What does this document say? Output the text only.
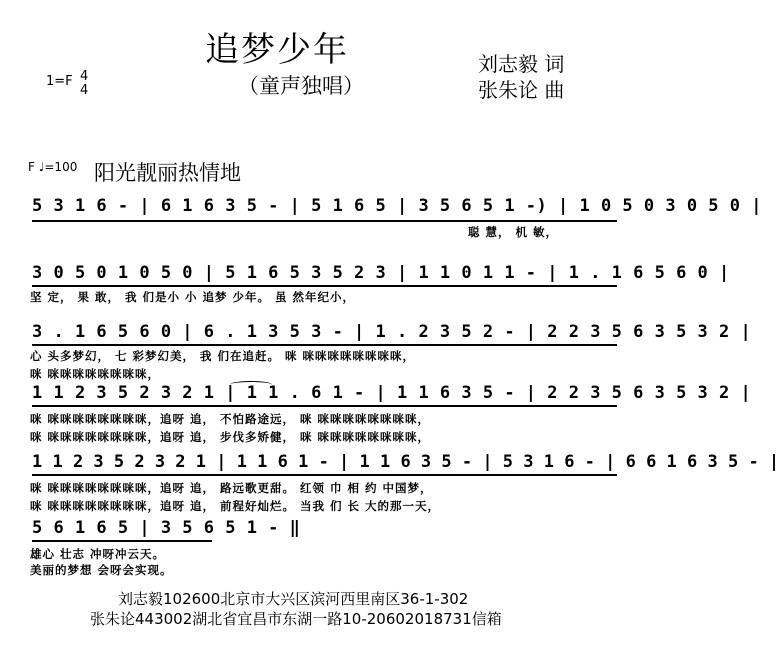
追梦少年
（童声独唱）
刘志毅 词
张朱论 曲
1=F 4
4
F ♩=100 阳光靓丽热情地
5 3 1 6 - | 6 1 6 3 5 - | 5 1 6 5 | 3 5 6 5 1 -) | 1 0 5 0 3 0 5 0 |
聪 慧， 机 敏，
3 0 5 0 1 0 5 0 | 5 1 6 5 3 5 2 3 | 1 1 0 1 1 - | 1 . 1 6 5 6 0 |
坚 定， 果 敢， 我 们是小 小 追梦 少年。 虽 然年纪小，
3 . 1 6 5 6 0 | 6 . 1 3 5 3 - | 1 . 2 3 5 2 - | 2 2 3 5 6 3 5 3 2 |
心 头多梦幻， 七 彩梦幻美， 我 们在追赶。 咪 咪咪咪咪咪咪咪咪，
咪 咪咪咪咪咪咪咪咪，
1 1 2 3 5 2 3 2 1 | 1 1 . 6 1 - | 1 1 6 3 5 - | 2 2 3 5 6 3 5 3 2 |
咪 咪咪咪咪咪咪咪咪，追呀 追， 不怕路途远， 咪 咪咪咪咪咪咪咪咪，
咪 咪咪咪咪咪咪咪咪，追呀 追， 步伐多矫健， 咪 咪咪咪咪咪咪咪咪，
1 1 2 3 5 2 3 2 1 | 1 1 6 1 - | 1 1 6 3 5 - | 5 3 1 6 - | 6 6 1 6 3 5 - |
咪 咪咪咪咪咪咪咪咪，追呀 追， 路远歌更甜。 红领 巾 相 约 中国梦，
咪 咪咪咪咪咪咪咪咪，追呀 追， 前程好灿烂。 当我 们 长 大的那一天，
5 6 1 6 5 | 3 5 6 5 1 - ‖
雄心 壮志 冲呀冲云天。
美丽的梦想 会呀会实现。
刘志毅102600北京市大兴区滨河西里南区36-1-302
张朱论443002湖北省宜昌市东湖一路10-20602018731信箱
